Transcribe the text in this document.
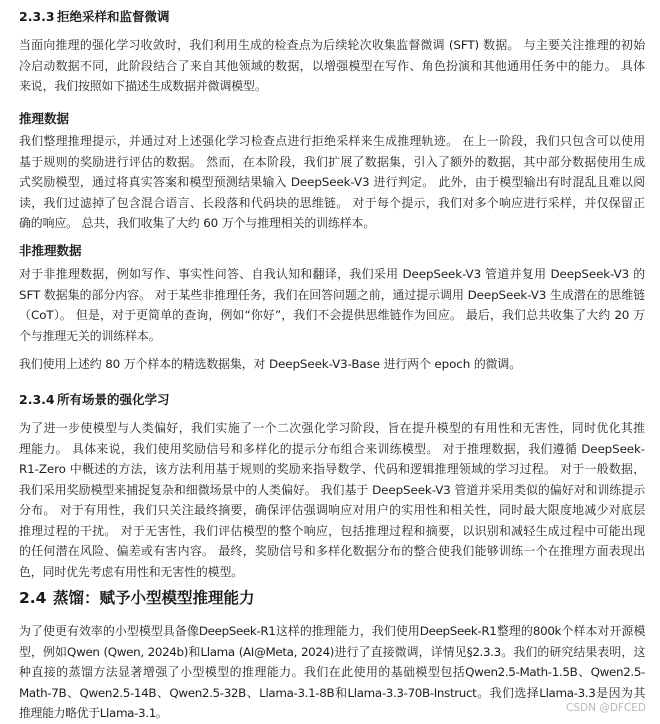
2.3.3 拒绝采样和监督微调
当面向推理的强化学习收敛时，我们利用生成的检查点为后续轮次收集监督微调 (SFT) 数据。 与主要关注推理的初始
冷启动数据不同，此阶段结合了来自其他领域的数据，以增强模型在写作、角色扮演和其他通用任务中的能力。 具体
来说，我们按照如下描述生成数据并微调模型。
推理数据
我们整理推理提示，并通过对上述强化学习检查点进行拒绝采样来生成推理轨迹。 在上一阶段，我们只包含可以使用
基于规则的奖励进行评估的数据。 然而，在本阶段，我们扩展了数据集，引入了额外的数据，其中部分数据使用生成
式奖励模型，通过将真实答案和模型预测结果输入 DeepSeek-V3 进行判定。 此外，由于模型输出有时混乱且难以阅
读，我们过滤掉了包含混合语言、长段落和代码块的思维链。 对于每个提示，我们对多个响应进行采样，并仅保留正
确的响应。 总共，我们收集了大约 60 万个与推理相关的训练样本。
非推理数据
对于非推理数据，例如写作、事实性问答、自我认知和翻译，我们采用 DeepSeek-V3 管道并复用 DeepSeek-V3 的
SFT 数据集的部分内容。 对于某些非推理任务，我们在回答问题之前，通过提示调用 DeepSeek-V3 生成潜在的思维链
（CoT）。 但是，对于更简单的查询，例如“你好”，我们不会提供思维链作为回应。 最后，我们总共收集了大约 20 万
个与推理无关的训练样本。
我们使用上述约 80 万个样本的精选数据集，对 DeepSeek-V3-Base 进行两个 epoch 的微调。
2.3.4 所有场景的强化学习
为了进一步使模型与人类偏好，我们实施了一个二次强化学习阶段，旨在提升模型的有用性和无害性，同时优化其推
理能力。 具体来说，我们使用奖励信号和多样化的提示分布组合来训练模型。 对于推理数据，我们遵循 DeepSeek-
R1-Zero 中概述的方法，该方法利用基于规则的奖励来指导数学、代码和逻辑推理领域的学习过程。 对于一般数据，
我们采用奖励模型来捕捉复杂和细微场景中的人类偏好。 我们基于 DeepSeek-V3 管道并采用类似的偏好对和训练提示
分布。 对于有用性，我们只关注最终摘要，确保评估强调响应对用户的实用性和相关性，同时最大限度地减少对底层
推理过程的干扰。 对于无害性，我们评估模型的整个响应，包括推理过程和摘要，以识别和减轻生成过程中可能出现
的任何潜在风险、偏差或有害内容。 最终，奖励信号和多样化数据分布的整合使我们能够训练一个在推理方面表现出
色，同时优先考虑有用性和无害性的模型。
2.4 蒸馏：赋予小型模型推理能力
为了使更有效率的小型模型具备像DeepSeek-R1这样的推理能力，我们使用DeepSeek-R1整理的800k个样本对开源模
型，例如Qwen (Qwen, 2024b)和Llama (AI@Meta, 2024)进行了直接微调，详情见§2.3.3。我们的研究结果表明，这
种直接的蒸馏方法显著增强了小型模型的推理能力。我们在此使用的基础模型包括Qwen2.5-Math-1.5B、Qwen2.5-
Math-7B、Qwen2.5-14B、Qwen2.5-32B、Llama-3.1-8B和Llama-3.3-70B-Instruct。我们选择Llama-3.3是因为其
推理能力略优于Llama-3.1。	CSDN @DFCED
